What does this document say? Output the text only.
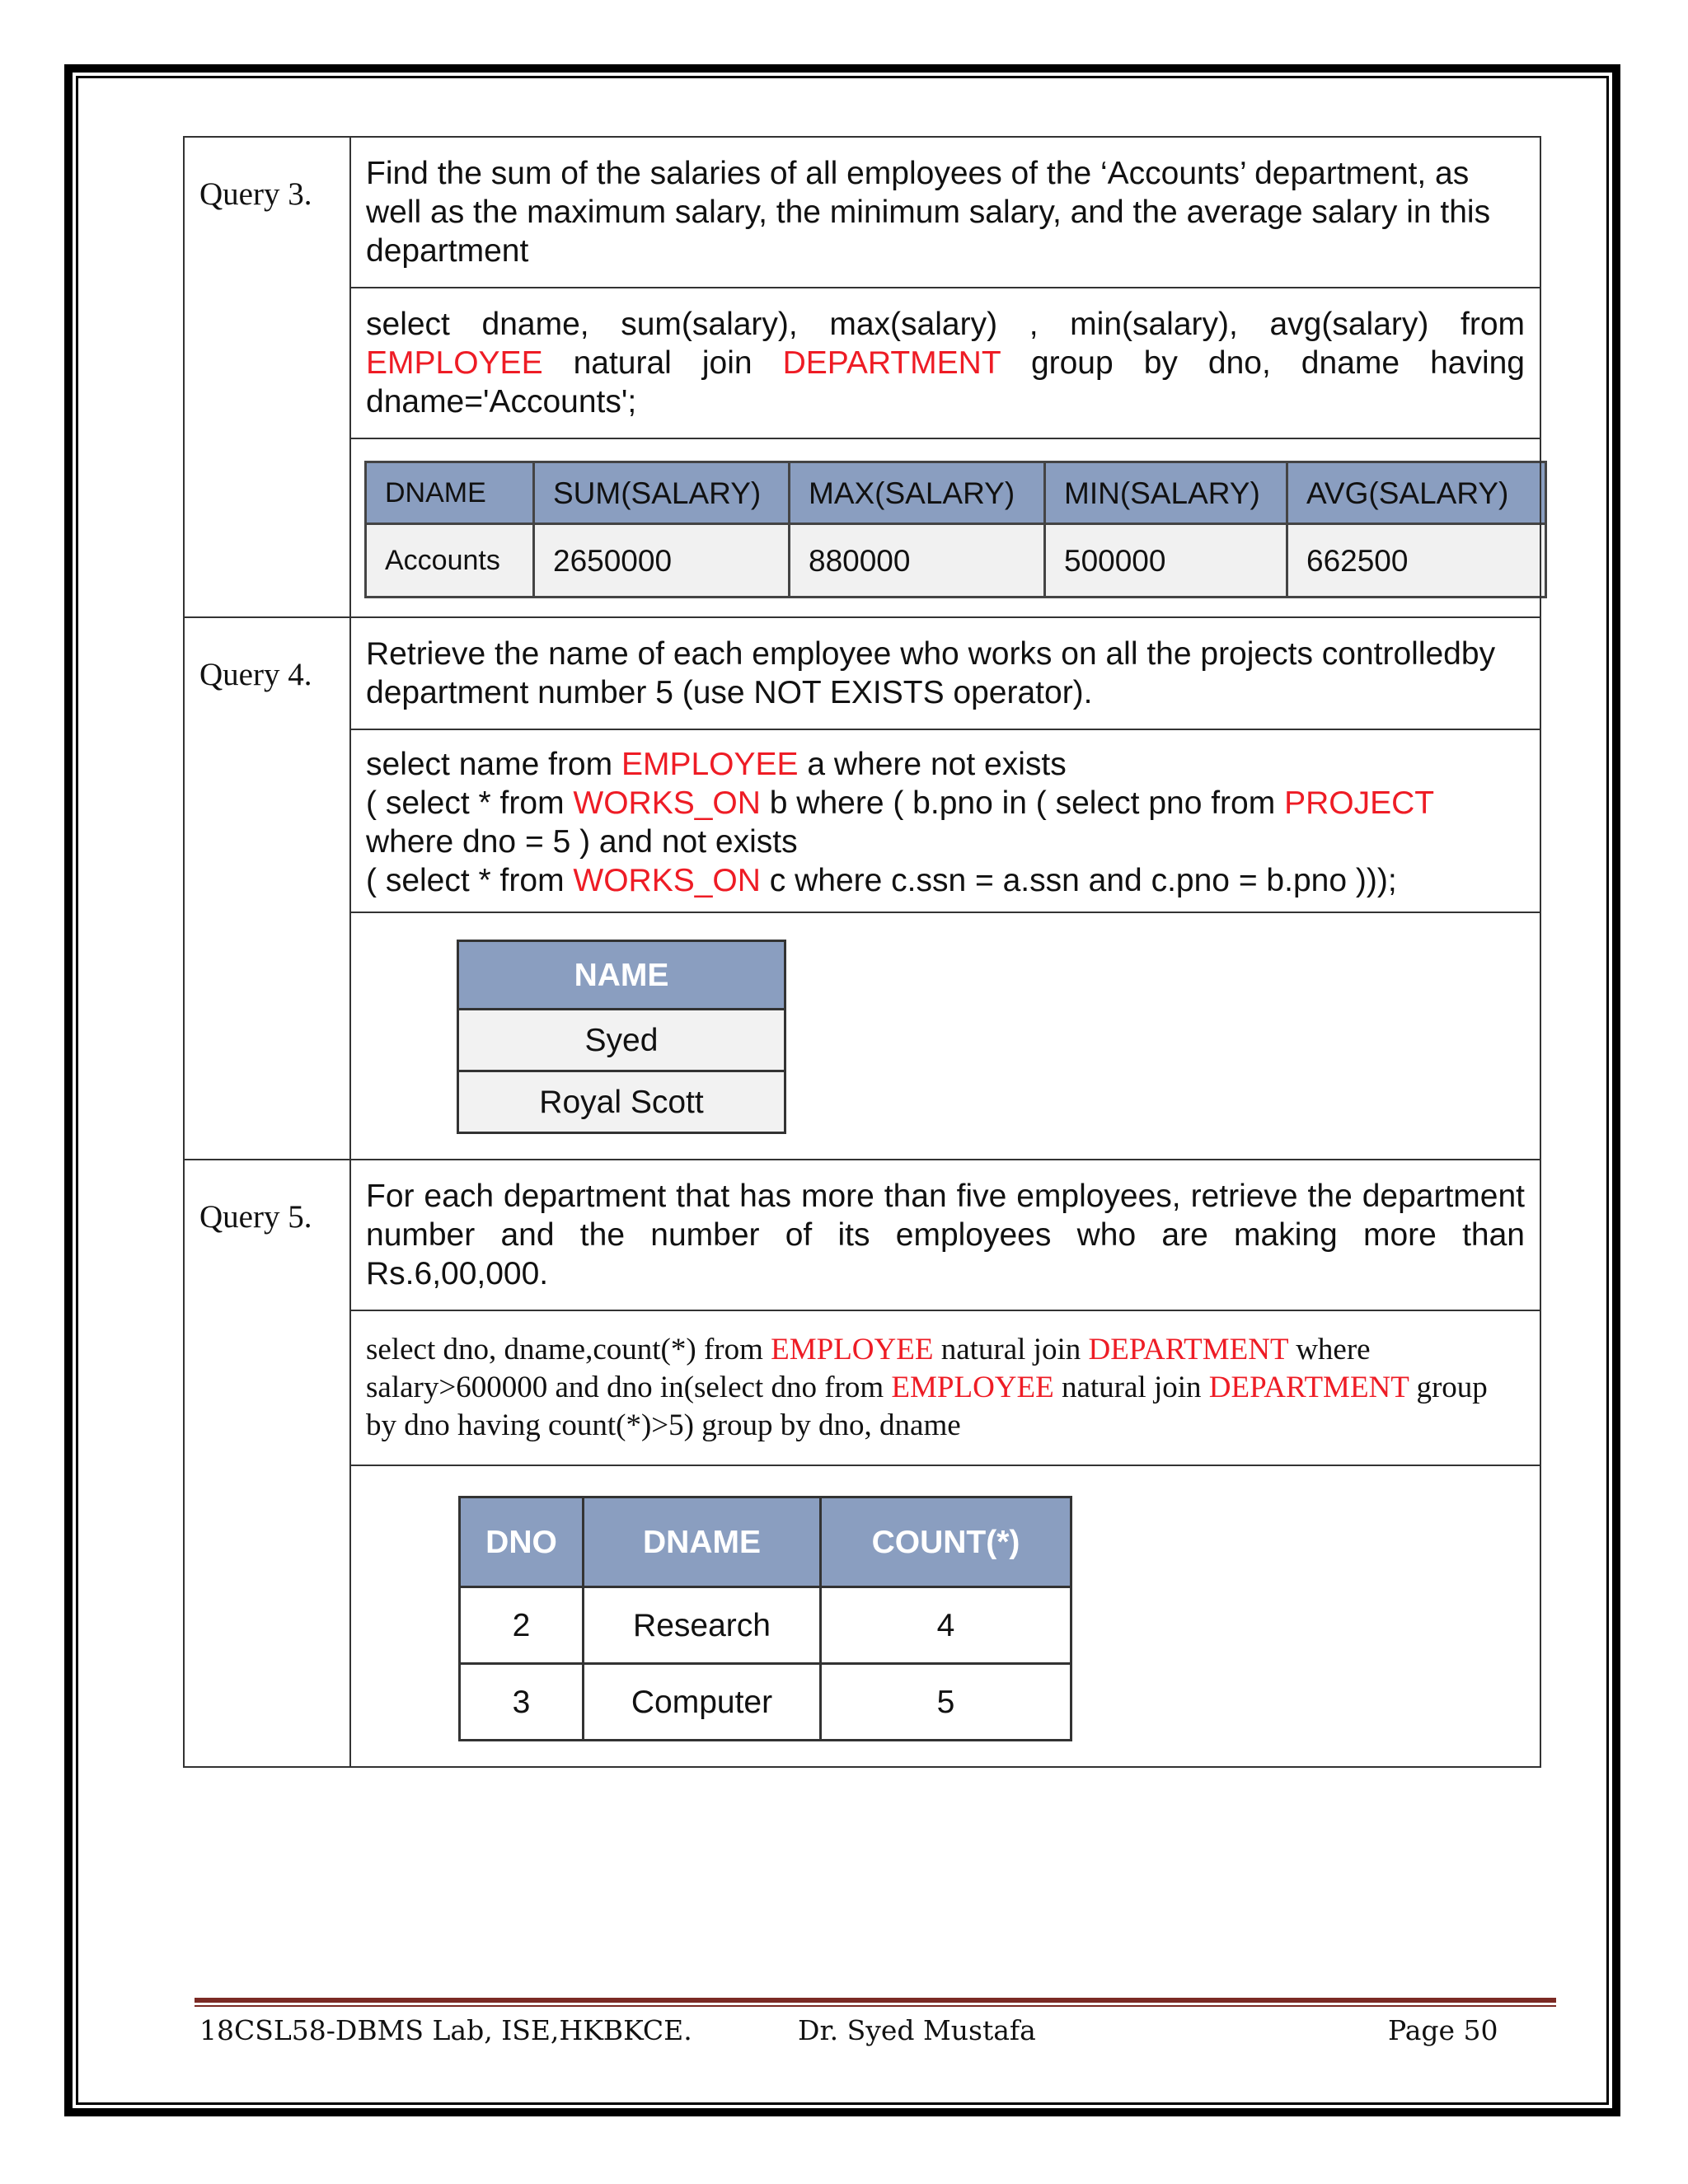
Query 3.	Find the sum of the salaries of all employees of the ‘Accounts’ department, as well as the maximum salary, the minimum salary, and the average salary in this department
select dname, sum(salary), max(salary) , min(salary), avg(salary) from EMPLOYEE natural join DEPARTMENT group by dno, dname having dname='Accounts';

DNAME	SUM(SALARY)	MAX(SALARY)	MIN(SALARY)	AVG(SALARY)
Accounts	2650000	880000	500000	662500

Query 4.	Retrieve the name of each employee who works on all the projects controlledby department number 5 (use NOT EXISTS operator).

select name from EMPLOYEE a where not exists
( select * from WORKS_ON b where ( b.pno in ( select pno from PROJECT
where dno = 5 ) and not exists
( select * from WORKS_ON c where c.ssn = a.ssn and c.pno = b.pno )));

NAME
Syed
Royal Scott

Query 5.	For each department that has more than five employees, retrieve the department number and the number of its employees who are making more than Rs.6,00,000.
select dno, dname,count(*) from EMPLOYEE natural join DEPARTMENT where salary>600000 and dno in(select dno from EMPLOYEE natural join DEPARTMENT group by dno having count(*)>5) group by dno, dname

DNO	DNAME	COUNT(*)
2	Research	4
3	Computer	5
18CSL58-DBMS Lab, ISE,HKBKCE.	Dr. Syed Mustafa	Page 50
